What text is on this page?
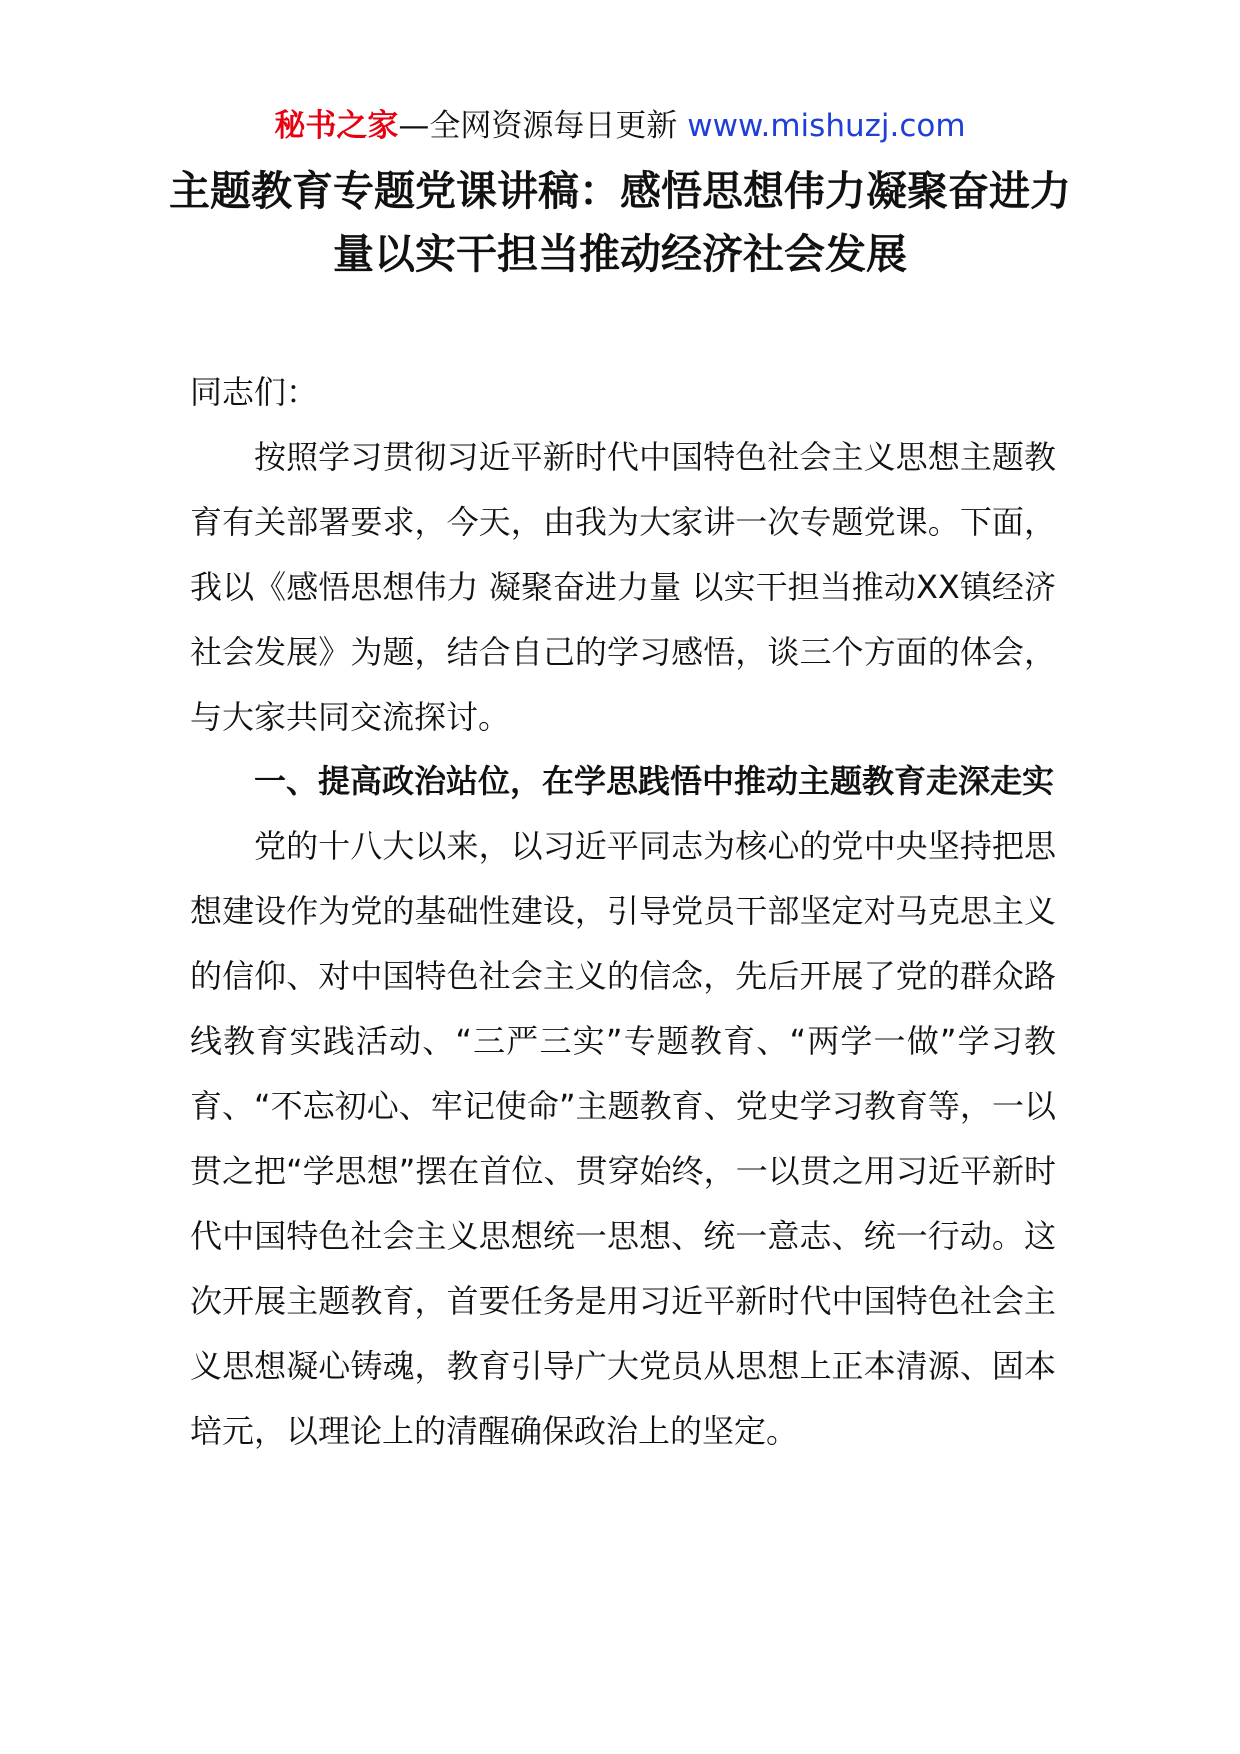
秘书之家—全网资源每日更新 www.mishuzj.com
主题教育专题党课讲稿：感悟思想伟力凝聚奋进力量以实干担当推动经济社会发展

同志们：

按照学习贯彻习近平新时代中国特色社会主义思想主题教育有关部署要求，今天，由我为大家讲一次专题党课。下面，我以《感悟思想伟力 凝聚奋进力量 以实干担当推动XX镇经济社会发展》为题，结合自己的学习感悟，谈三个方面的体会，与大家共同交流探讨。

一、提高政治站位，在学思践悟中推动主题教育走深走实

党的十八大以来，以习近平同志为核心的党中央坚持把思想建设作为党的基础性建设，引导党员干部坚定对马克思主义的信仰、对中国特色社会主义的信念，先后开展了党的群众路线教育实践活动、“三严三实”专题教育、“两学一做”学习教育、“不忘初心、牢记使命”主题教育、党史学习教育等，一以贯之把“学思想”摆在首位、贯穿始终，一以贯之用习近平新时代中国特色社会主义思想统一思想、统一意志、统一行动。这次开展主题教育，首要任务是用习近平新时代中国特色社会主义思想凝心铸魂，教育引导广大党员从思想上正本清源、固本培元，以理论上的清醒确保政治上的坚定。
